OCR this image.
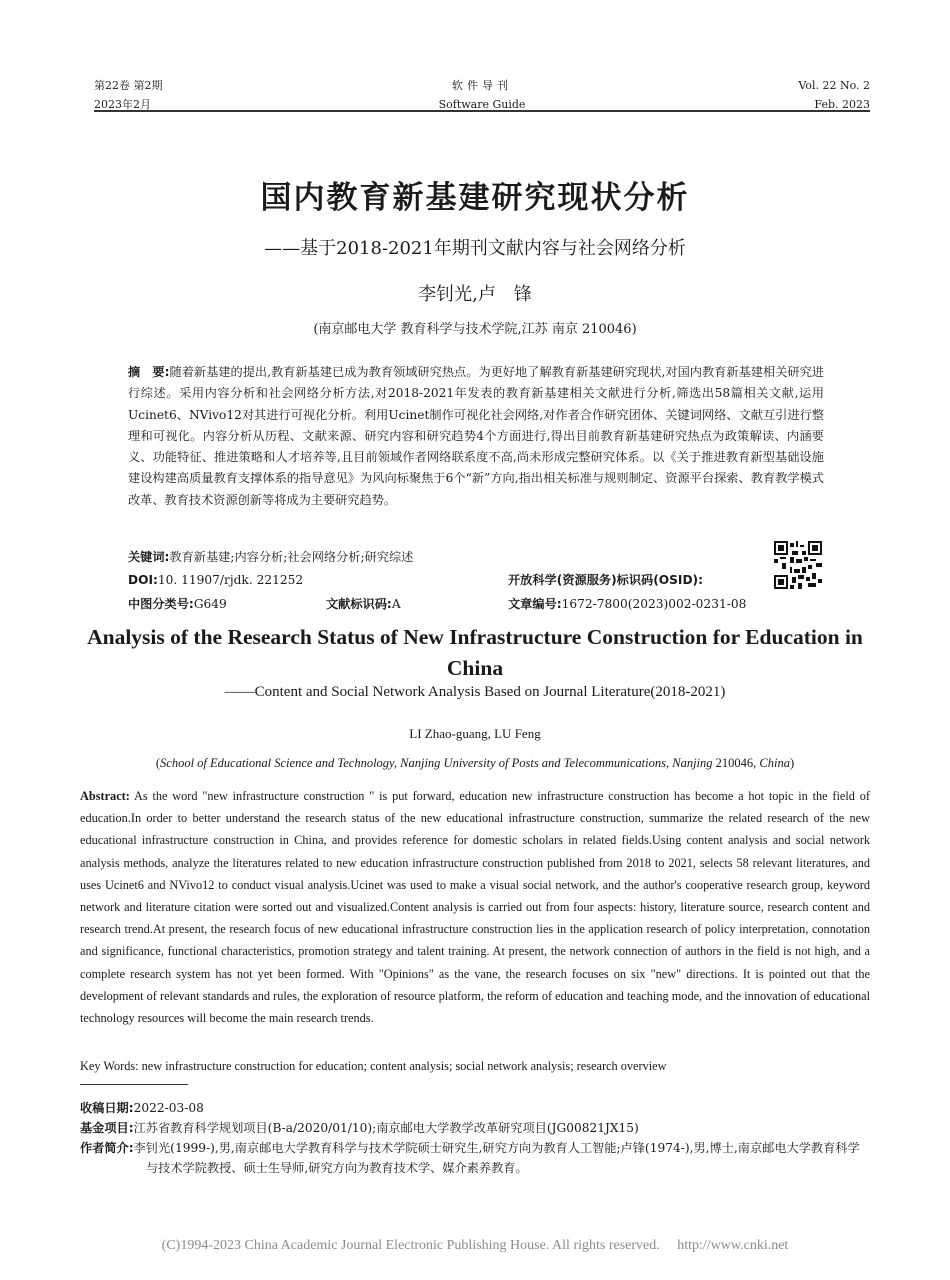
第22卷 第2期
2023年2月
软件导刊
Software Guide
Vol. 22 No. 2
Feb. 2023
国内教育新基建研究现状分析
——基于2018-2021年期刊文献内容与社会网络分析
李钊光,卢　锋
(南京邮电大学 教育科学与技术学院,江苏 南京 210046)
摘　要:随着新基建的提出,教育新基建已成为教育领域研究热点。为更好地了解教育新基建研究现状,对国内教育新基建相关研究进行综述。采用内容分析和社会网络分析方法,对2018-2021年发表的教育新基建相关文献进行分析,筛选出58篇相关文献,运用Ucinet6、NVivo12对其进行可视化分析。利用Ucinet制作可视化社会网络,对作者合作研究团体、关键词网络、文献互引进行整理和可视化。内容分析从历程、文献来源、研究内容和研究趋势4个方面进行,得出目前教育新基建研究热点为政策解读、内涵要义、功能特征、推进策略和人才培养等,且目前领域作者网络联系度不高,尚未形成完整研究体系。以《关于推进教育新型基础设施建设构建高质量教育支撑体系的指导意见》为风向标聚焦于6个“新”方向,指出相关标准与规则制定、资源平台探索、教育教学模式改革、教育技术资源创新等将成为主要研究趋势。
关键词:教育新基建;内容分析;社会网络分析;研究综述
DOI:10. 11907/rjdk. 221252	开放科学(资源服务)标识码(OSID):
中图分类号:G649	文献标识码:A	文章编号:1672-7800(2023)002-0231-08
Analysis of the Research Status of New Infrastructure Construction for Education in China
——Content and Social Network Analysis Based on Journal Literature(2018-2021)
LI Zhao-guang, LU Feng
(School of Educational Science and Technology, Nanjing University of Posts and Telecommunications, Nanjing 210046, China)
Abstract: As the word "new infrastructure construction " is put forward, education new infrastructure construction has become a hot topic in the field of education.In order to better understand the research status of the new educational infrastructure construction, summarize the related research of the new educational infrastructure construction in China, and provides reference for domestic scholars in related fields.Using content analysis and social network analysis methods, analyze the literatures related to new education infrastructure construction published from 2018 to 2021, selects 58 relevant literatures, and uses Ucinet6 and NVivo12 to conduct visual analysis.Ucinet was used to make a visual social network, and the author's cooperative research group, keyword network and literature citation were sorted out and visualized.Content analysis is carried out from four aspects: history, literature source, research content and research trend.At present, the research focus of new educational infrastructure construction lies in the application research of policy interpretation, connotation and significance, functional characteristics, promotion strategy and talent training. At present, the network connection of authors in the field is not high, and a complete research system has not yet been formed. With "Opinions" as the vane, the research focuses on six "new" directions. It is pointed out that the development of relevant standards and rules, the exploration of resource platform, the reform of education and teaching mode, and the innovation of educational technology resources will become the main research trends.
Key Words: new infrastructure construction for education; content analysis; social network analysis; research overview
收稿日期:2022-03-08
基金项目:江苏省教育科学规划项目(B-a/2020/01/10);南京邮电大学教学改革研究项目(JG00821JX15)
作者简介:李钊光(1999-),男,南京邮电大学教育科学与技术学院硕士研究生,研究方向为教育人工智能;卢锋(1974-),男,博士,南京邮电大学教育科学与技术学院教授、硕士生导师,研究方向为教育技术学、媒介素养教育。
(C)1994-2023 China Academic Journal Electronic Publishing House. All rights reserved.　 http://www.cnki.net
